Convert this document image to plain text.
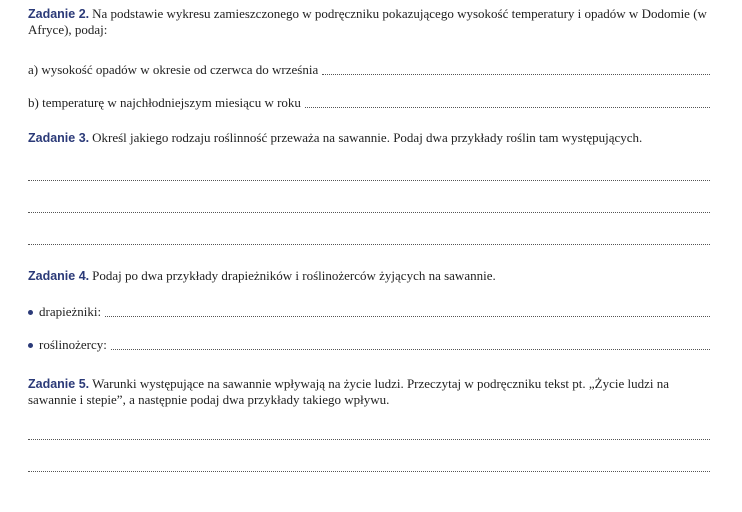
Zadanie 2. Na podstawie wykresu zamieszczonego w podręczniku pokazującego wysokość temperatury i opadów w Dodomie (w Afryce), podaj:
a) wysokość opadów w okresie od czerwca do września
b) temperaturę w najchłodniejszym miesiącu w roku
Zadanie 3. Określ jakiego rodzaju roślinność przeważa na sawannie. Podaj dwa przykłady roślin tam występujących.
Zadanie 4. Podaj po dwa przykłady drapieżników i roślinożerców żyjących na sawannie.
drapieżniki:
roślinożercy:
Zadanie 5. Warunki występujące na sawannie wpływają na życie ludzi. Przeczytaj w podręczniku tekst pt. „Życie ludzi na sawannie i stepie”, a następnie podaj dwa przykłady takiego wpływu.
